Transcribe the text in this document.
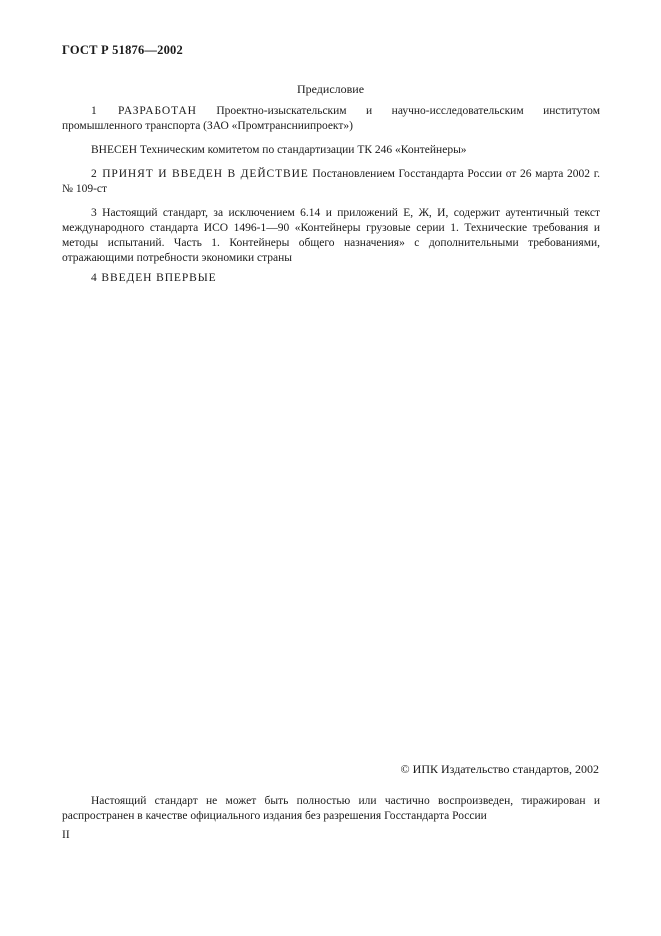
ГОСТ Р 51876—2002
Предисловие
1 РАЗРАБОТАН Проектно-изыскательским и научно-исследовательским институтом промышленного транспорта (ЗАО «Промтрансниипроект»)
ВНЕСЕН Техническим комитетом по стандартизации ТК 246 «Контейнеры»
2 ПРИНЯТ И ВВЕДЕН В ДЕЙСТВИЕ Постановлением Госстандарта России от 26 марта 2002 г. № 109-ст
3 Настоящий стандарт, за исключением 6.14 и приложений Е, Ж, И, содержит аутентичный текст международного стандарта ИСО 1496-1—90 «Контейнеры грузовые серии 1. Технические требования и методы испытаний. Часть 1. Контейнеры общего назначения» с дополнительными требованиями, отражающими потребности экономики страны
4 ВВЕДЕН ВПЕРВЫЕ
© ИПК Издательство стандартов, 2002
Настоящий стандарт не может быть полностью или частично воспроизведен, тиражирован и распространен в качестве официального издания без разрешения Госстандарта России
II
